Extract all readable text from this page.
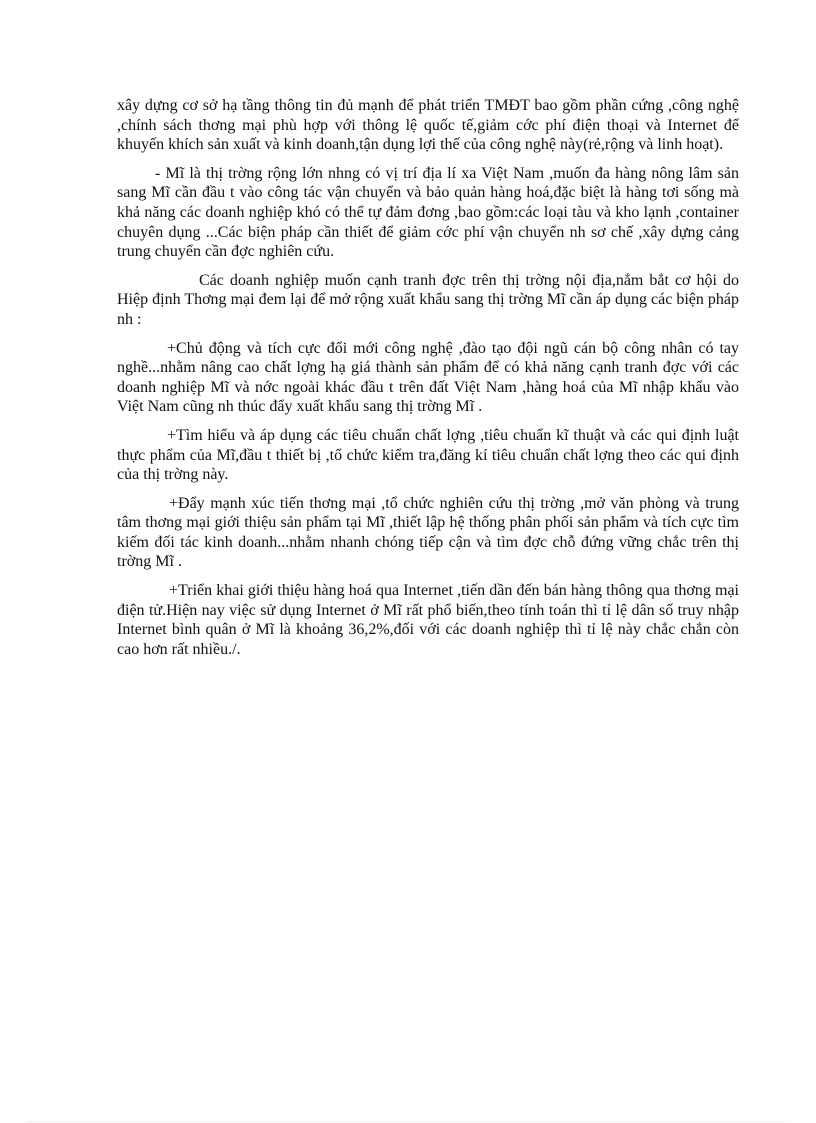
xây dựng cơ sở hạ tầng thông tin đủ mạnh để phát triển TMĐT bao gồm phần cứng ,công nghệ ,chính sách thơng mại phù hợp với thông lệ quốc tế,giảm cớc phí điện thoại và Internet để khuyến khích sản xuất và kinh doanh,tận dụng lợi thế của công nghệ này(rẻ,rộng và linh hoạt).

- Mĩ là thị trờng rộng lớn nhng có vị trí địa lí xa Việt Nam ,muốn đa hàng nông lâm sản sang Mĩ cần đầu t vào công tác vận chuyển và bảo quản hàng hoá,đặc biệt là hàng tơi sống mà khả năng các doanh nghiệp khó có thể tự đảm đơng ,bao gồm:các loại tàu và kho lạnh ,container chuyên dụng ...Các biện pháp cần thiết để giảm cớc phí vận chuyển nh sơ chế ,xây dựng cảng trung chuyển cần đợc nghiên cứu.

Các doanh nghiệp muốn cạnh tranh đợc trên thị trờng nội địa,nắm bắt cơ hội do Hiệp định Thơng mại đem lại để mở rộng xuất khẩu sang thị trờng Mĩ cần áp dụng các biện pháp nh :

+Chủ động và tích cực đổi mới công nghệ ,đào tạo đội ngũ cán bộ công nhân có tay nghề...nhằm nâng cao chất lợng hạ giá thành sản phẩm để có khả năng cạnh tranh đợc với các doanh nghiệp Mĩ và nớc ngoài khác đầu t trên đất Việt Nam ,hàng hoá của Mĩ nhập khẩu vào Việt Nam cũng nh thúc đẩy xuất khẩu sang thị trờng Mĩ .

+Tìm hiểu và áp dụng các tiêu chuẩn chất lợng ,tiêu chuẩn kĩ thuật và các qui định luật thực phẩm của Mĩ,đầu t thiết bị ,tổ chức kiểm tra,đăng kí tiêu chuẩn chất lợng theo các qui định của thị trờng này.

+Đẩy mạnh xúc tiến thơng mại ,tổ chức nghiên cứu thị trờng ,mở văn phòng và trung tâm thơng mại giới thiệu sản phẩm tại Mĩ ,thiết lập hệ thống phân phối sản phẩm và tích cực tìm kiếm đối tác kinh doanh...nhằm nhanh chóng tiếp cận và tìm đợc chỗ đứng vững chắc trên thị trờng Mĩ .

+Triển khai giới thiệu hàng hoá qua Internet ,tiến dần đến bán hàng thông qua thơng mại điện tử.Hiện nay việc sử dụng Internet ở Mĩ rất phổ biến,theo tính toán thì tỉ lệ dân số truy nhập Internet bình quân ở Mĩ là khoảng 36,2%,đối với các doanh nghiệp thì tỉ lệ này chắc chắn còn cao hơn rất nhiều./.
